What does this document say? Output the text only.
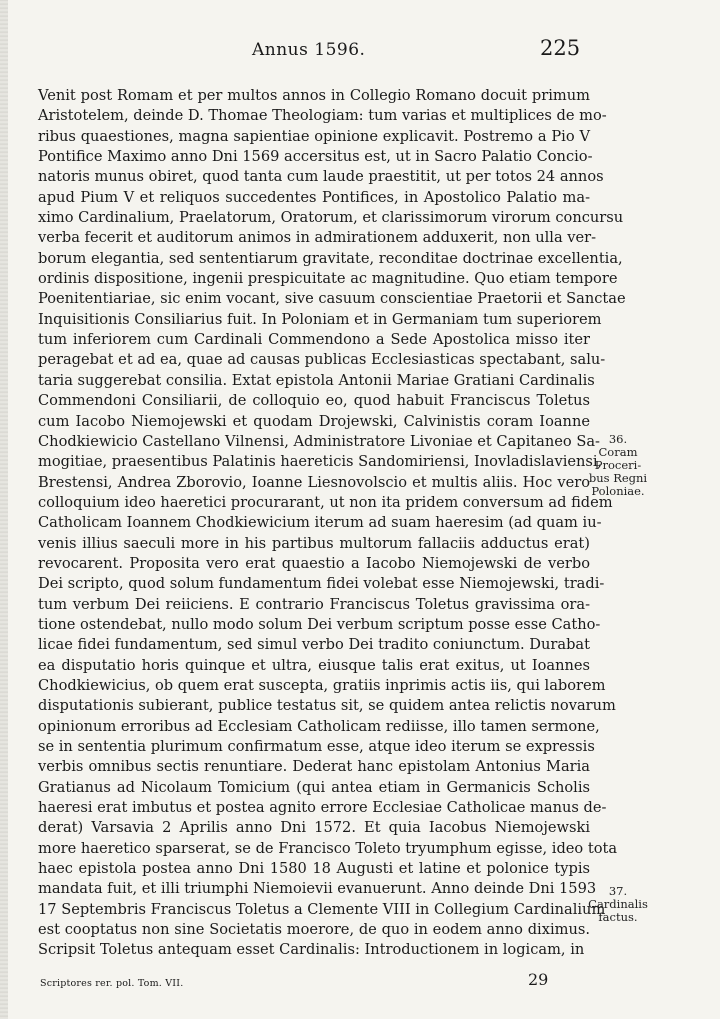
Annus 1596.	225
Venit post Romam et per multos annos in Collegio Romano docuit primum
Aristotelem, deinde D. Thomae Theologiam: tum varias et multiplices de mo-
ribus quaestiones, magna sapientiae opinione explicavit. Postremo a Pio V
Pontifice Maximo anno Dni 1569 accersitus est, ut in Sacro Palatio Concio-
natoris munus obiret, quod tanta cum laude praestitit, ut per totos 24 annos
apud Pium V et reliquos succedentes Pontifices, in Apostolico Palatio ma-
ximo Cardinalium, Praelatorum, Oratorum, et clarissimorum virorum concursu
verba fecerit et auditorum animos in admirationem adduxerit, non ulla ver-
borum elegantia, sed sententiarum gravitate, reconditae doctrinae excellentia,
ordinis dispositione, ingenii prespicuitate ac magnitudine. Quo etiam tempore
Poenitentiariae, sic enim vocant, sive casuum conscientiae Praetorii et Sanctae
Inquisitionis Consiliarius fuit. In Poloniam et in Germaniam tum superiorem
tum inferiorem cum Cardinali Commendono a Sede Apostolica misso iter
peragebat et ad ea, quae ad causas publicas Ecclesiasticas spectabant, salu-
taria suggerebat consilia. Extat epistola Antonii Mariae Gratiani Cardinalis
Commendoni Consiliarii, de colloquio eo, quod habuit Franciscus Toletus
cum Iacobo Niemojewski et quodam Drojewski, Calvinistis coram Ioanne
Chodkiewicio Castellano Vilnensi, Administratore Livoniae et Capitaneo Sa-
mogitiae, praesentibus Palatinis haereticis Sandomiriensi, Inovladislaviensi,
Brestensi, Andrea Zborovio, Ioanne Liesnovolscio et multis aliis. Hoc vero
colloquium ideo haeretici procurarant, ut non ita pridem conversum ad fidem
Catholicam Ioannem Chodkiewicium iterum ad suam haeresim (ad quam iu-
venis illius saeculi more in his partibus multorum fallaciis adductus erat)
revocarent. Proposita vero erat quaestio a Iacobo Niemojewski de verbo
Dei scripto, quod solum fundamentum fidei volebat esse Niemojewski, tradi-
tum verbum Dei reiiciens. E contrario Franciscus Toletus gravissima ora-
tione ostendebat, nullo modo solum Dei verbum scriptum posse esse Catho-
licae fidei fundamentum, sed simul verbo Dei tradito coniunctum. Durabat
ea disputatio horis quinque et ultra, eiusque talis erat exitus, ut Ioannes
Chodkiewicius, ob quem erat suscepta, gratiis inprimis actis iis, qui laborem
disputationis subierant, publice testatus sit, se quidem antea relictis novarum
opinionum erroribus ad Ecclesiam Catholicam rediisse, illo tamen sermone,
se in sententia plurimum confirmatum esse, atque ideo iterum se expressis
verbis omnibus sectis renuntiare. Dederat hanc epistolam Antonius Maria
Gratianus ad Nicolaum Tomicium (qui antea etiam in Germanicis Scholis
haeresi erat imbutus et postea agnito errore Ecclesiae Catholicae manus de-
derat) Varsavia 2 Aprilis anno Dni 1572. Et quia Iacobus Niemojewski
more haeretico sparserat, se de Francisco Toleto tryumphum egisse, ideo tota
haec epistola postea anno Dni 1580 18 Augusti et latine et polonice typis
mandata fuit, et illi triumphi Niemoievii evanuerunt. Anno deinde Dni 1593
17 Septembris Franciscus Toletus a Clemente VIII in Collegium Cardinalium
est cooptatus non sine Societatis moerore, de quo in eodem anno diximus.
Scripsit Toletus antequam esset Cardinalis: Introductionem in logicam, in
36.
Coram
Proceri-
bus Regni
Poloniae.
37.
Cardinalis
factus.
Scriptores rer. pol. Tom. VII.	29
